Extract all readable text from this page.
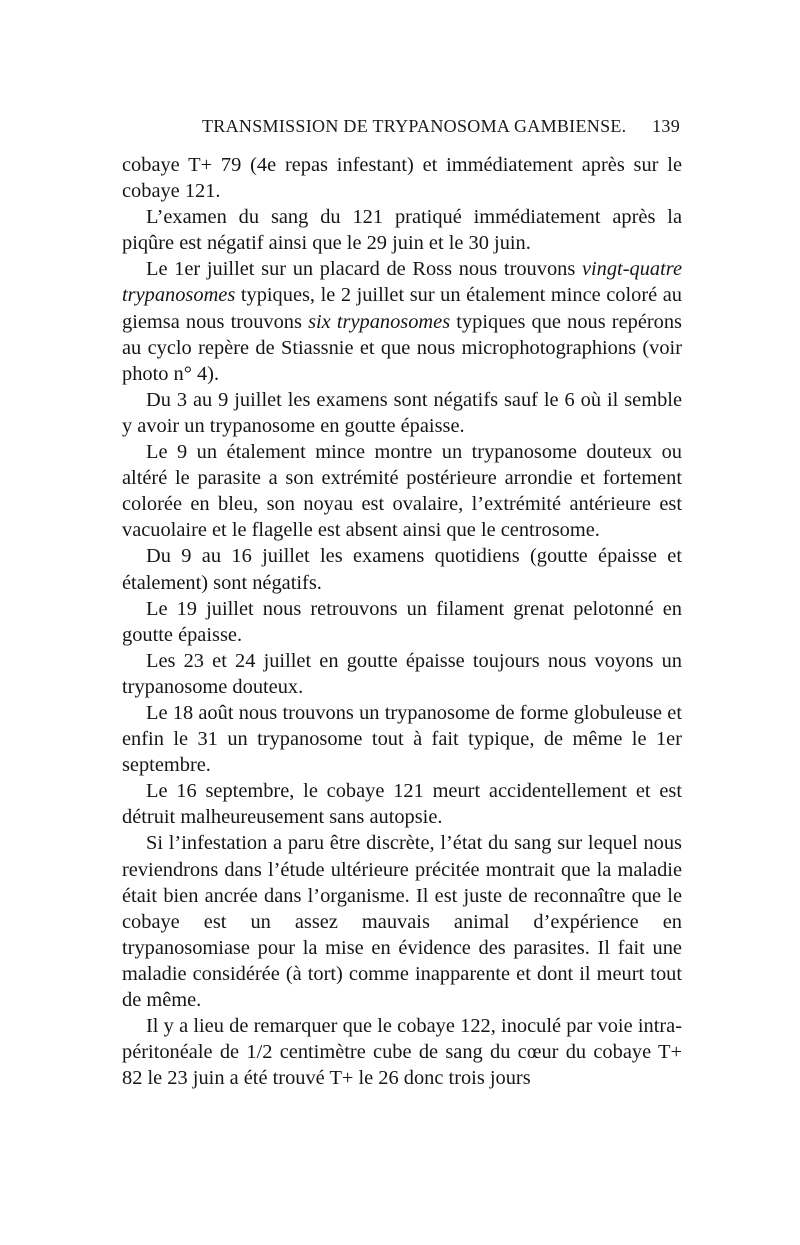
TRANSMISSION DE TRYPANOSOMA GAMBIENSE. 139

cobaye T+ 79 (4e repas infestant) et immédiatement après sur le cobaye 121.

L’examen du sang du 121 pratiqué immédiatement après la piqûre est négatif ainsi que le 29 juin et le 30 juin.

Le 1er juillet sur un placard de Ross nous trouvons vingt-quatre trypanosomes typiques, le 2 juillet sur un étalement mince coloré au giemsa nous trouvons six trypanosomes typiques que nous repérons au cyclo repère de Stiassnie et que nous microphotographions (voir photo n° 4).

Du 3 au 9 juillet les examens sont négatifs sauf le 6 où il semble y avoir un trypanosome en goutte épaisse.

Le 9 un étalement mince montre un trypanosome douteux ou altéré le parasite a son extrémité postérieure arrondie et fortement colorée en bleu, son noyau est ovalaire, l’extrémité antérieure est vacuolaire et le flagelle est absent ainsi que le centrosome.

Du 9 au 16 juillet les examens quotidiens (goutte épaisse et étalement) sont négatifs.

Le 19 juillet nous retrouvons un filament grenat pelotonné en goutte épaisse.

Les 23 et 24 juillet en goutte épaisse toujours nous voyons un trypanosome douteux.

Le 18 août nous trouvons un trypanosome de forme globuleuse et enfin le 31 un trypanosome tout à fait typique, de même le 1er septembre.

Le 16 septembre, le cobaye 121 meurt accidentellement et est détruit malheureusement sans autopsie.

Si l’infestation a paru être discrète, l’état du sang sur lequel nous reviendrons dans l’étude ultérieure précitée montrait que la maladie était bien ancrée dans l’organisme. Il est juste de reconnaître que le cobaye est un assez mauvais animal d’expérience en trypanosomiase pour la mise en évidence des parasites. Il fait une maladie considérée (à tort) comme inapparente et dont il meurt tout de même.

Il y a lieu de remarquer que le cobaye 122, inoculé par voie intra-péritonéale de 1/2 centimètre cube de sang du cœur du cobaye T+ 82 le 23 juin a été trouvé T+ le 26 donc trois jours
